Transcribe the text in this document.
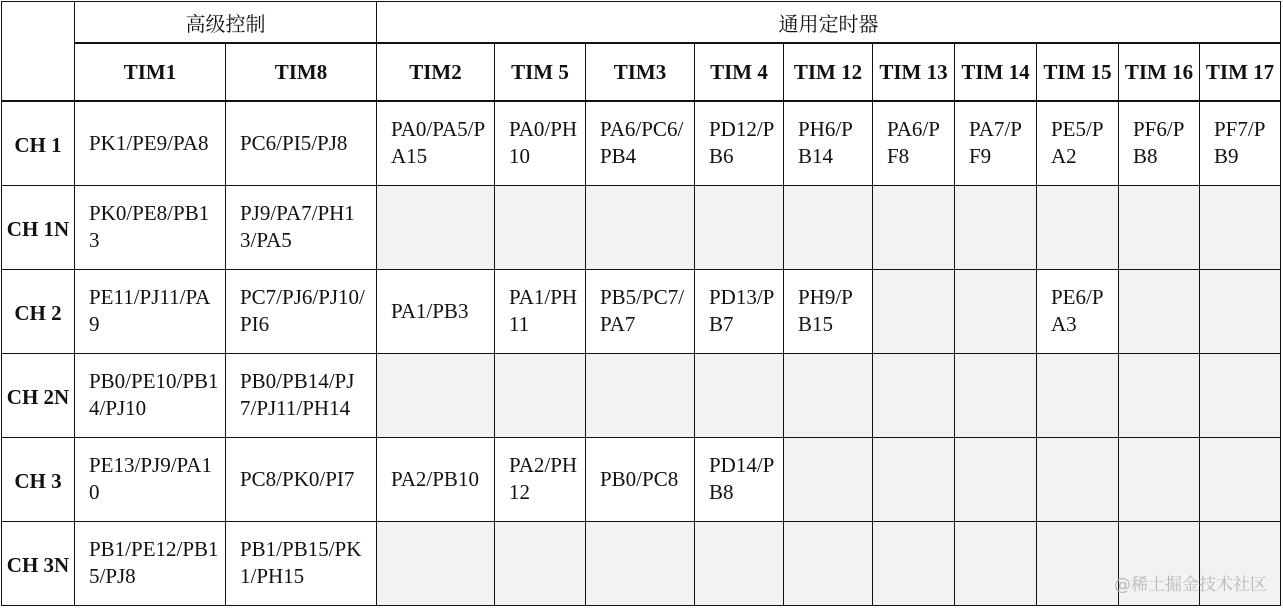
	高级控制		通用定时器									
	TIM1	TIM8	TIM2	TIM 5	TIM3	TIM 4	TIM 12	TIM 13	TIM 14	TIM 15	TIM 16	TIM 17
CH 1	PK1/PE9/PA8	PC6/PI5/PJ8	PA0/PA5/PA15	PA0/PH10	PA6/PC6/PB4	PD12/PB6	PH6/PB14	PA6/PF8	PA7/PF9	PE5/PA2	PF6/PB8	PF7/PB9
CH 1N	PK0/PE8/PB13	PJ9/PA7/PH13/PA5										
CH 2	PE11/PJ11/PA9	PC7/PJ6/PJ10/PI6	PA1/PB3	PA1/PH11	PB5/PC7/PA7	PD13/PB7	PH9/PB15			PE6/PA3		
CH 2N	PB0/PE10/PB14/PJ10	PB0/PB14/PJ7/PJ11/PH14										
CH 3	PE13/PJ9/PA10	PC8/PK0/PI7	PA2/PB10	PA2/PH12	PB0/PC8	PD14/PB8						
CH 3N	PB1/PE12/PB15/PJ8	PB1/PB15/PK1/PH15											@稀土掘金技术社区
